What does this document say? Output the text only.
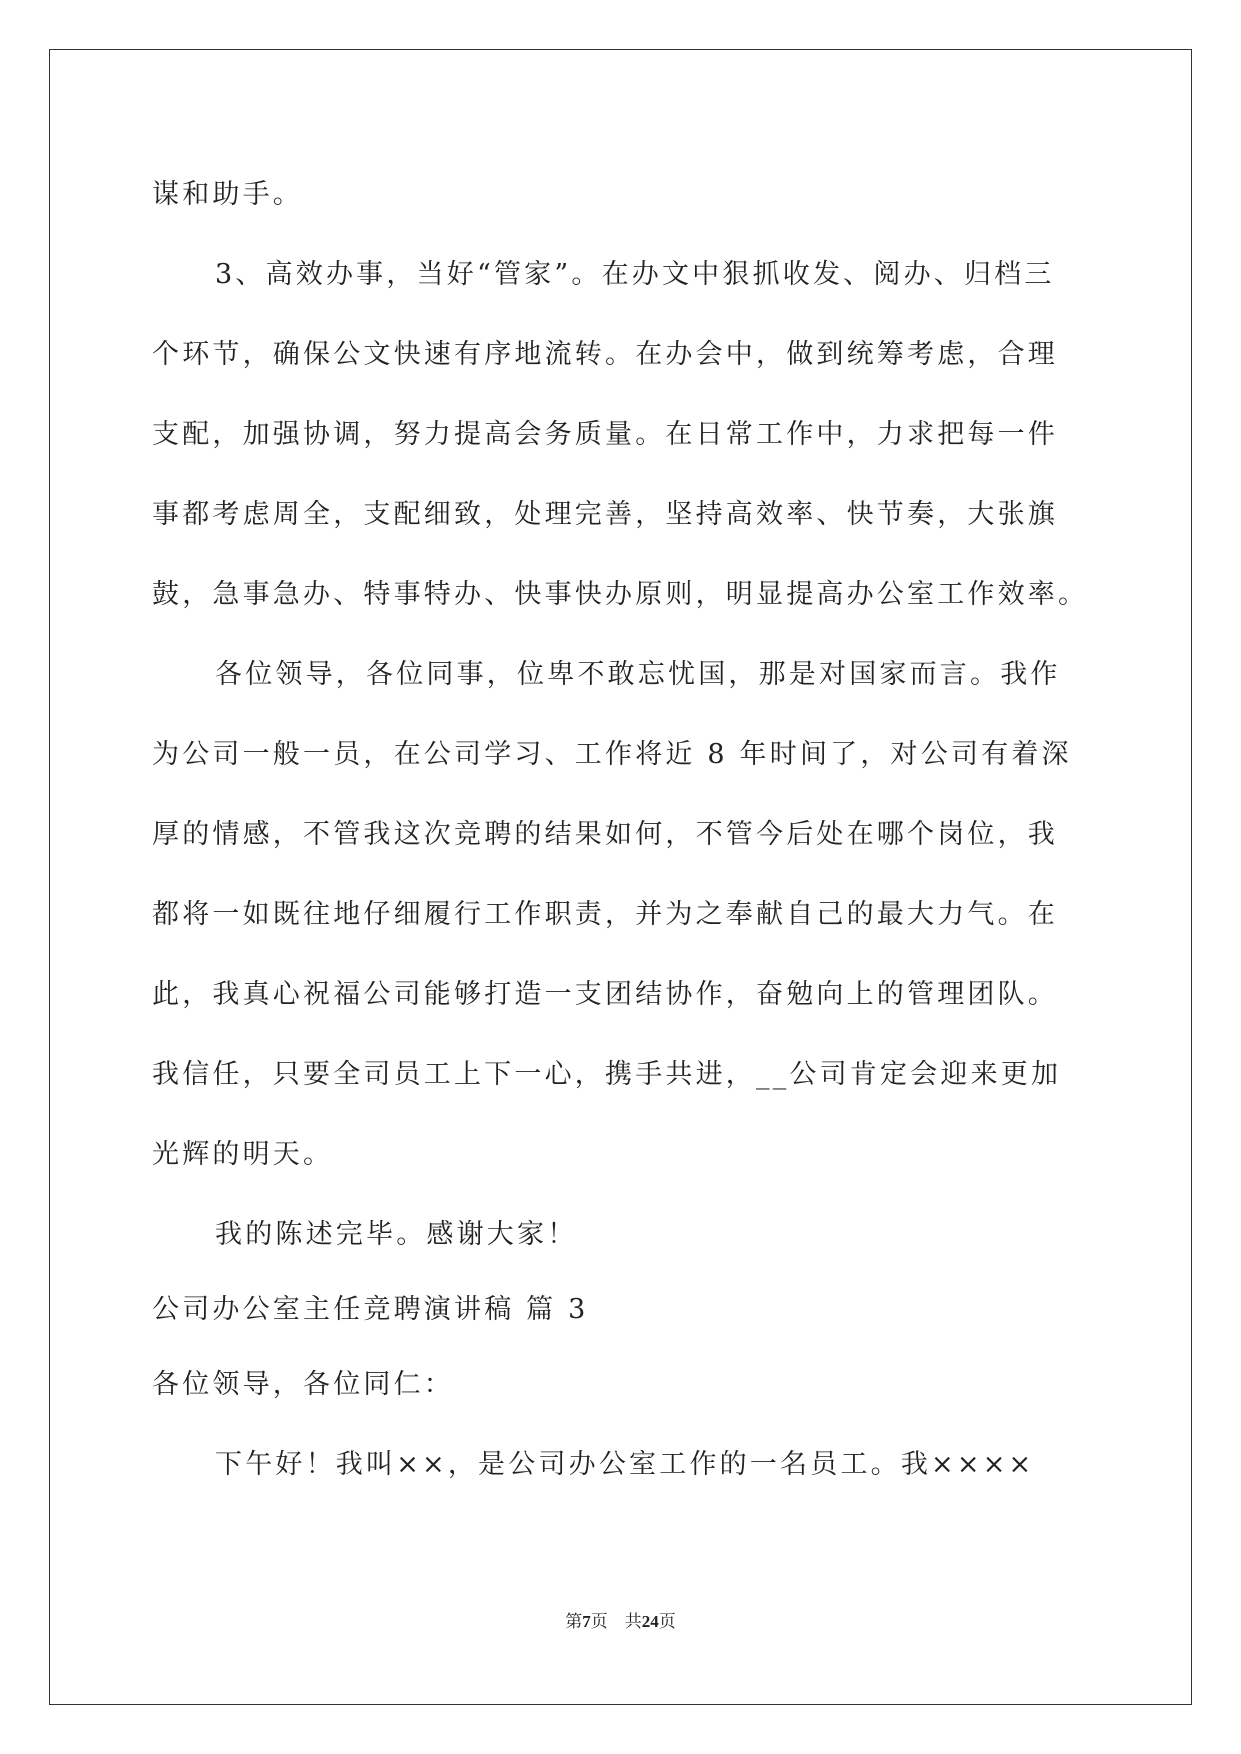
谋和助手。
3、高效办事，当好“管家”。在办文中狠抓收发、阅办、归档三
个环节，确保公文快速有序地流转。在办会中，做到统筹考虑，合理
支配，加强协调，努力提高会务质量。在日常工作中，力求把每一件
事都考虑周全，支配细致，处理完善，坚持高效率、快节奏，大张旗
鼓，急事急办、特事特办、快事快办原则，明显提高办公室工作效率。
各位领导，各位同事，位卑不敢忘忧国，那是对国家而言。我作
为公司一般一员，在公司学习、工作将近 8 年时间了，对公司有着深
厚的情感，不管我这次竞聘的结果如何，不管今后处在哪个岗位，我
都将一如既往地仔细履行工作职责，并为之奉献自己的最大力气。在
此，我真心祝福公司能够打造一支团结协作，奋勉向上的管理团队。
我信任，只要全司员工上下一心，携手共进，__公司肯定会迎来更加
光辉的明天。
我的陈述完毕。感谢大家！
公司办公室主任竞聘演讲稿 篇 3
各位领导，各位同仁：
下午好！我叫××，是公司办公室工作的一名员工。我××××
第7页 共24页
